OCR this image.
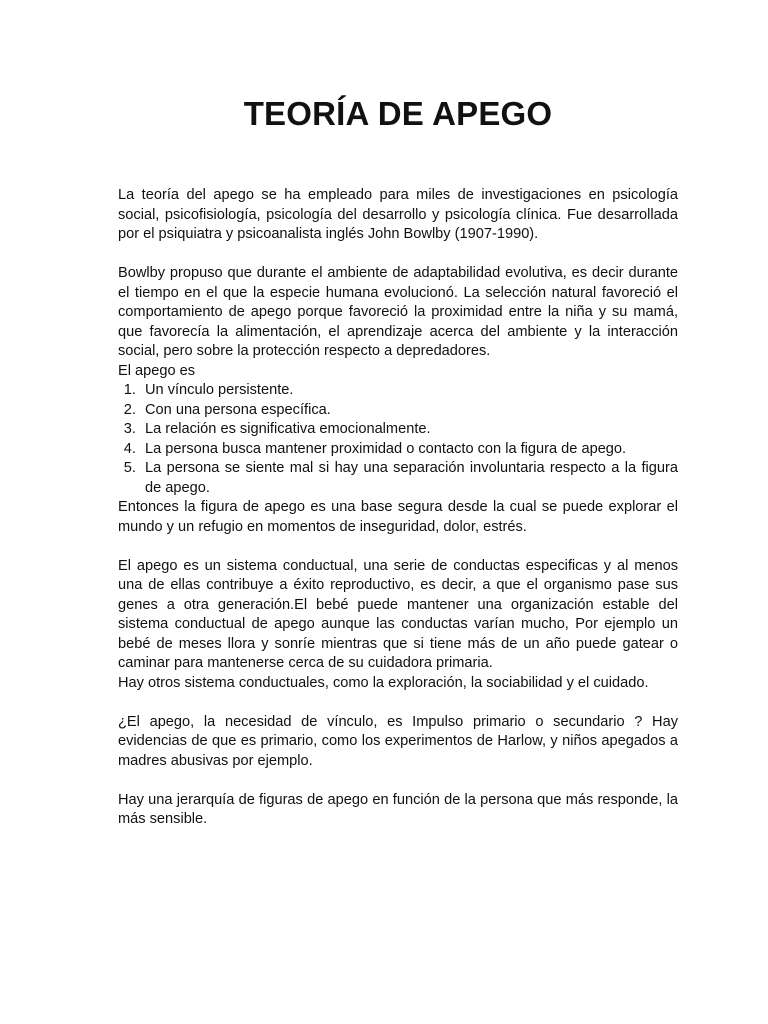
TEORÍA DE APEGO

La teoría del apego se ha empleado para miles de investigaciones en psicología social, psicofisiología, psicología del desarrollo y psicología clínica. Fue desarrollada por el psiquiatra y psicoanalista inglés John Bowlby (1907-1990).

Bowlby propuso que durante el ambiente de adaptabilidad evolutiva, es decir durante el tiempo en el que la especie humana evolucionó. La selección natural favoreció el comportamiento de apego porque favoreció la proximidad entre la niña y su mamá, que favorecía la alimentación, el aprendizaje acerca del ambiente y la interacción social, pero sobre la protección respecto a depredadores.

El apego es

1. Un vínculo persistente.
2. Con una persona específica.
3. La relación es significativa emocionalmente.
4. La persona busca mantener proximidad o contacto con la figura de apego.
5. La persona se siente mal si hay una separación involuntaria respecto a la figura de apego.

Entonces la figura de apego es una base segura desde la cual se puede explorar el mundo y un refugio en momentos de inseguridad, dolor, estrés.

El apego es un sistema conductual, una serie de conductas especificas y al menos una de ellas contribuye a éxito reproductivo, es decir, a que el organismo pase sus genes a otra generación.El bebé puede mantener una organización estable del sistema conductual de apego aunque las conductas varían mucho, Por ejemplo un bebé de meses llora y sonríe mientras que si tiene más de un año puede gatear o caminar para mantenerse cerca de su cuidadora primaria.

Hay otros sistema conductuales, como la exploración, la sociabilidad y el cuidado.

¿El apego, la necesidad de vínculo, es Impulso primario o secundario ? Hay evidencias de que es primario, como los experimentos de Harlow, y niños apegados a madres abusivas por ejemplo.

Hay una jerarquía de figuras de apego en función de la persona que más responde, la más sensible.
